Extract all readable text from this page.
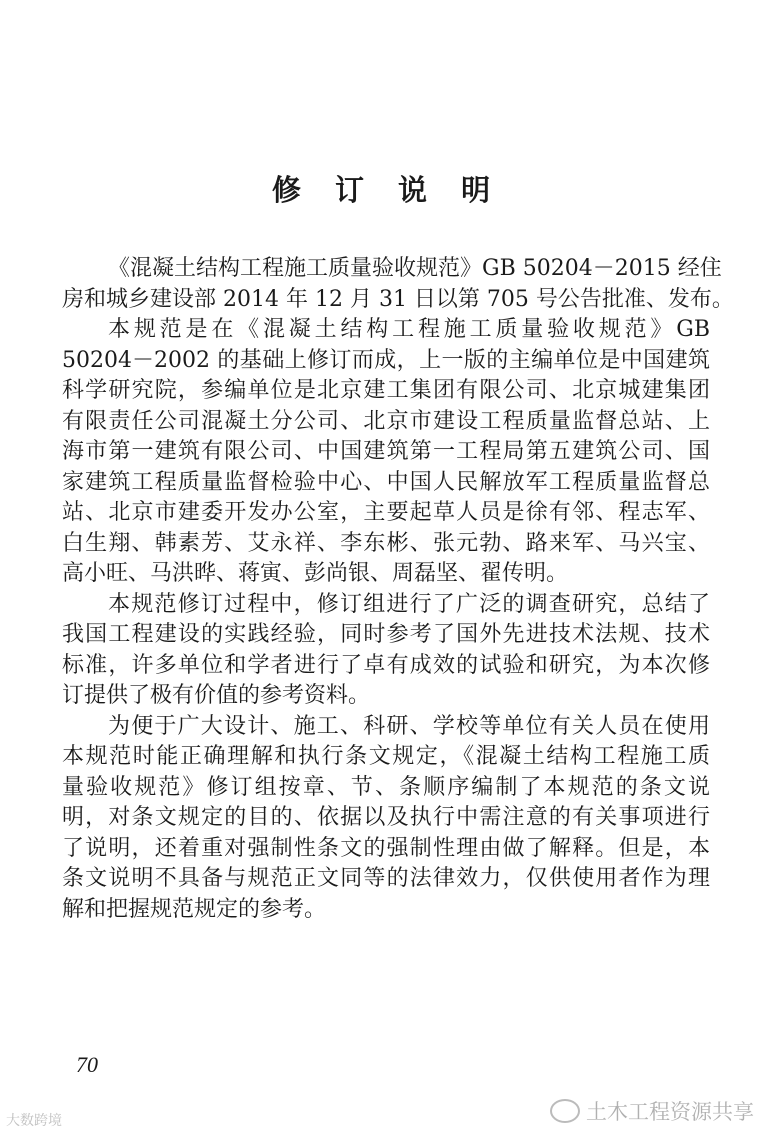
修 订 说 明
《混凝土结构工程施工质量验收规范》GB 50204－2015 经住
房和城乡建设部 2014 年 12 月 31 日以第 705 号公告批准、发布。
本规范是在《混凝土结构工程施工质量验收规范》GB
50204－2002 的基础上修订而成，上一版的主编单位是中国建筑
科学研究院，参编单位是北京建工集团有限公司、北京城建集团
有限责任公司混凝土分公司、北京市建设工程质量监督总站、上
海市第一建筑有限公司、中国建筑第一工程局第五建筑公司、国
家建筑工程质量监督检验中心、中国人民解放军工程质量监督总
站、北京市建委开发办公室，主要起草人员是徐有邻、程志军、
白生翔、韩素芳、艾永祥、李东彬、张元勃、路来军、马兴宝、
高小旺、马洪晔、蒋寅、彭尚银、周磊坚、翟传明。
本规范修订过程中，修订组进行了广泛的调查研究，总结了
我国工程建设的实践经验，同时参考了国外先进技术法规、技术
标准，许多单位和学者进行了卓有成效的试验和研究，为本次修
订提供了极有价值的参考资料。
为便于广大设计、施工、科研、学校等单位有关人员在使用
本规范时能正确理解和执行条文规定，《混凝土结构工程施工质
量验收规范》修订组按章、节、条顺序编制了本规范的条文说
明，对条文规定的目的、依据以及执行中需注意的有关事项进行
了说明，还着重对强制性条文的强制性理由做了解释。但是，本
条文说明不具备与规范正文同等的法律效力，仅供使用者作为理
解和把握规范规定的参考。
70
土木工程资源共享
大数跨境
